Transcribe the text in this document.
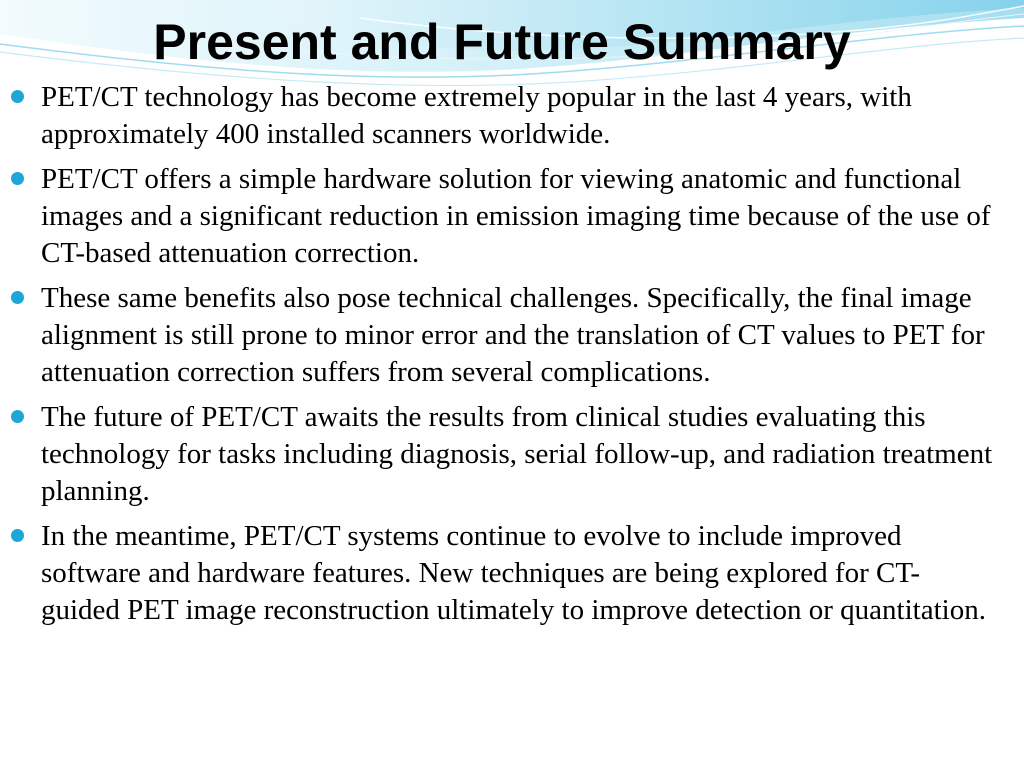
Present and Future Summary
PET/CT technology has become extremely popular in the last 4 years, with approximately 400 installed scanners worldwide.
PET/CT offers a simple hardware solution for viewing anatomic and functional images and a significant reduction in emission imaging time because of the use of CT-based attenuation correction.
These same benefits also pose technical challenges. Specifically, the final image alignment is still prone to minor error and the translation of CT values to PET for attenuation correction suffers from several complications.
The future of PET/CT awaits the results from clinical studies evaluating this technology for tasks including diagnosis, serial follow-up, and radiation treatment planning.
In the meantime, PET/CT systems continue to evolve to include improved software and hardware features. New techniques are being explored for CT-guided PET image reconstruction ultimately to improve detection or quantitation.
